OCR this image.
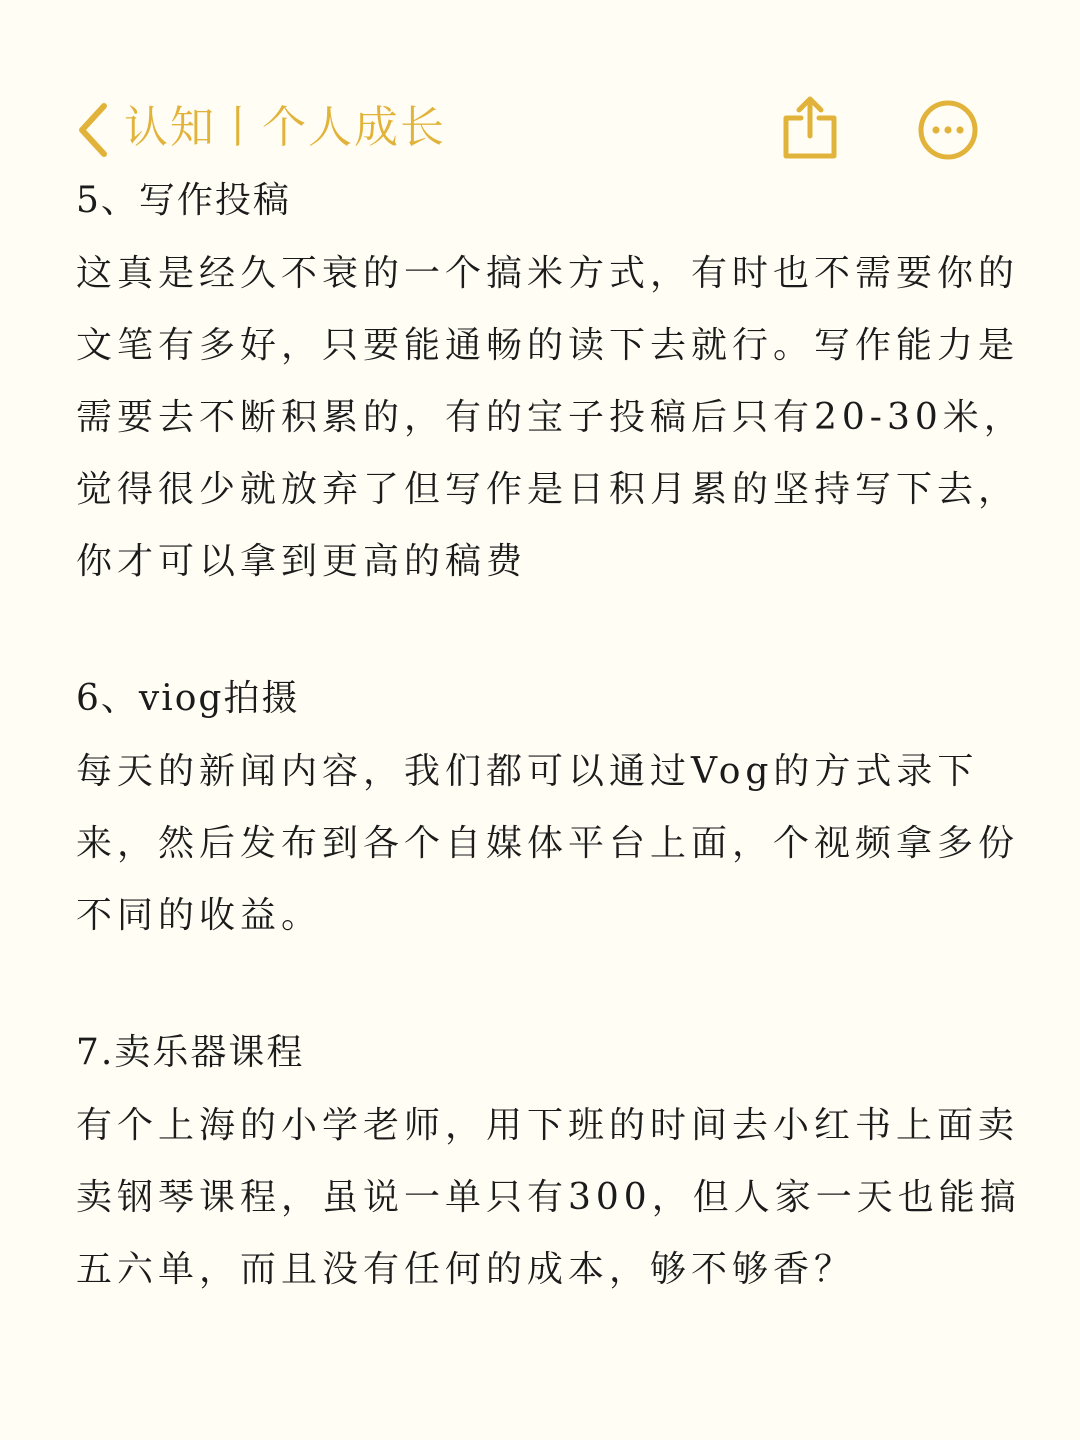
认知丨个人成长
5、写作投稿
这真是经久不衰的一个搞米方式，有时也不需要你的
文笔有多好，只要能通畅的读下去就行。写作能力是
需要去不断积累的，有的宝子投稿后只有20-30米，
觉得很少就放弃了但写作是日积月累的坚持写下去，
你才可以拿到更高的稿费
6、viog拍摄
每天的新闻内容，我们都可以通过Vog的方式录下
来，然后发布到各个自媒体平台上面，个视频拿多份
不同的收益。
7.卖乐器课程
有个上海的小学老师，用下班的时间去小红书上面卖
卖钢琴课程，虽说一单只有300，但人家一天也能搞
五六单，而且没有任何的成本，够不够香？
